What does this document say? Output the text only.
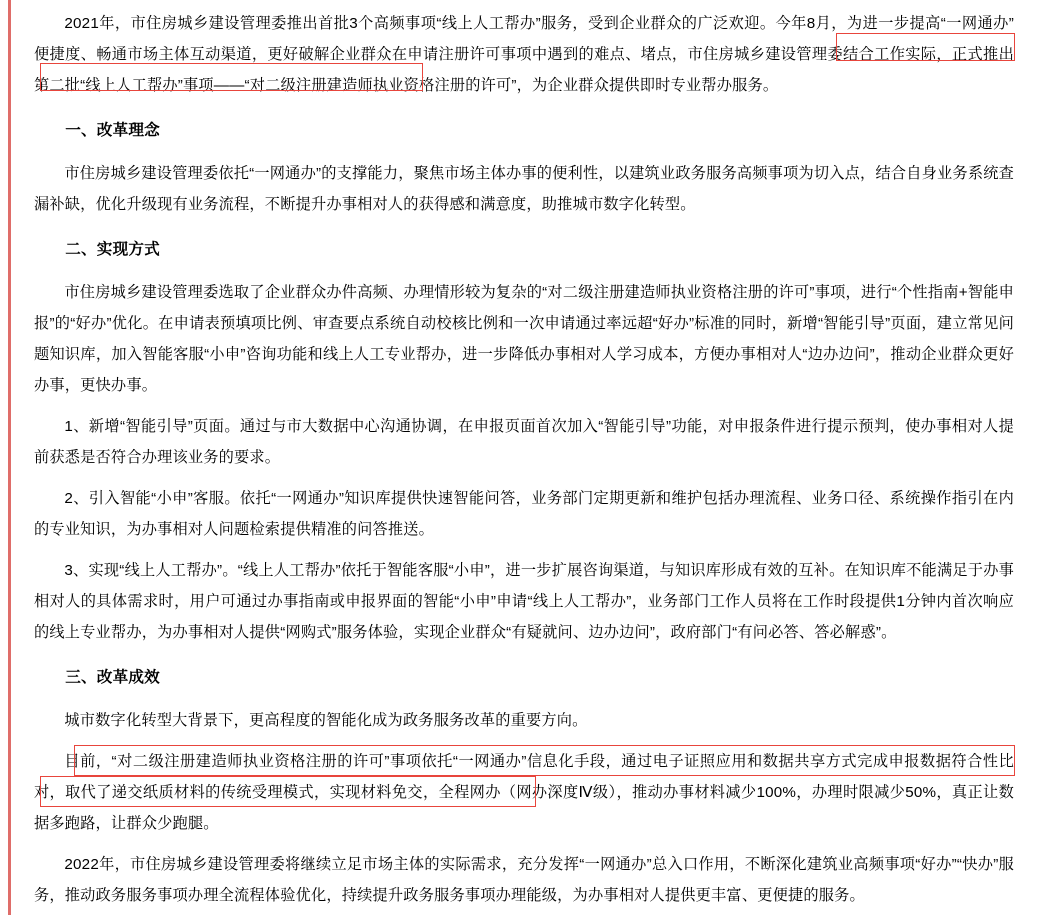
2021年，市住房城乡建设管理委推出首批3个高频事项“线上人工帮办”服务，受到企业群众的广泛欢迎。今年8月，为进一步提高“一网通办”便捷度、畅通市场主体互动渠道，更好破解企业群众在申请注册许可事项中遇到的难点、堵点，市住房城乡建设管理委结合工作实际，正式推出第二批“线上人工帮办”事项——“对二级注册建造师执业资格注册的许可”，为企业群众提供即时专业帮办服务。

一、改革理念

市住房城乡建设管理委依托“一网通办”的支撑能力，聚焦市场主体办事的便利性，以建筑业政务服务高频事项为切入点，结合自身业务系统查漏补缺，优化升级现有业务流程，不断提升办事相对人的获得感和满意度，助推城市数字化转型。

二、实现方式

市住房城乡建设管理委选取了企业群众办件高频、办理情形较为复杂的“对二级注册建造师执业资格注册的许可”事项，进行“个性指南+智能申报”的“好办”优化。在申请表预填项比例、审查要点系统自动校核比例和一次申请通过率远超“好办”标准的同时，新增“智能引导”页面，建立常见问题知识库，加入智能客服“小申”咨询功能和线上人工专业帮办，进一步降低办事相对人学习成本，方便办事相对人“边办边问”，推动企业群众更好办事，更快办事。

1、新增“智能引导”页面。通过与市大数据中心沟通协调，在申报页面首次加入“智能引导”功能，对申报条件进行提示预判，使办事相对人提前获悉是否符合办理该业务的要求。

2、引入智能“小申”客服。依托“一网通办”知识库提供快速智能问答，业务部门定期更新和维护包括办理流程、业务口径、系统操作指引在内的专业知识，为办事相对人问题检索提供精准的问答推送。

3、实现“线上人工帮办”。“线上人工帮办”依托于智能客服“小申”，进一步扩展咨询渠道，与知识库形成有效的互补。在知识库不能满足于办事相对人的具体需求时，用户可通过办事指南或申报界面的智能“小申”申请“线上人工帮办”，业务部门工作人员将在工作时段提供1分钟内首次响应的线上专业帮办，为办事相对人提供“网购式”服务体验，实现企业群众“有疑就问、边办边问”，政府部门“有问必答、答必解惑”。

三、改革成效

城市数字化转型大背景下，更高程度的智能化成为政务服务改革的重要方向。

目前，“对二级注册建造师执业资格注册的许可”事项依托“一网通办”信息化手段，通过电子证照应用和数据共享方式完成申报数据符合性比对，取代了递交纸质材料的传统受理模式，实现材料免交，全程网办（网办深度Ⅳ级），推动办事材料减少100%，办理时限减少50%，真正让数据多跑路，让群众少跑腿。

2022年，市住房城乡建设管理委将继续立足市场主体的实际需求，充分发挥“一网通办”总入口作用，不断深化建筑业高频事项“好办”“快办”服务，推动政务服务事项办理全流程体验优化，持续提升政务服务事项办理能级，为办事相对人提供更丰富、更便捷的服务。
